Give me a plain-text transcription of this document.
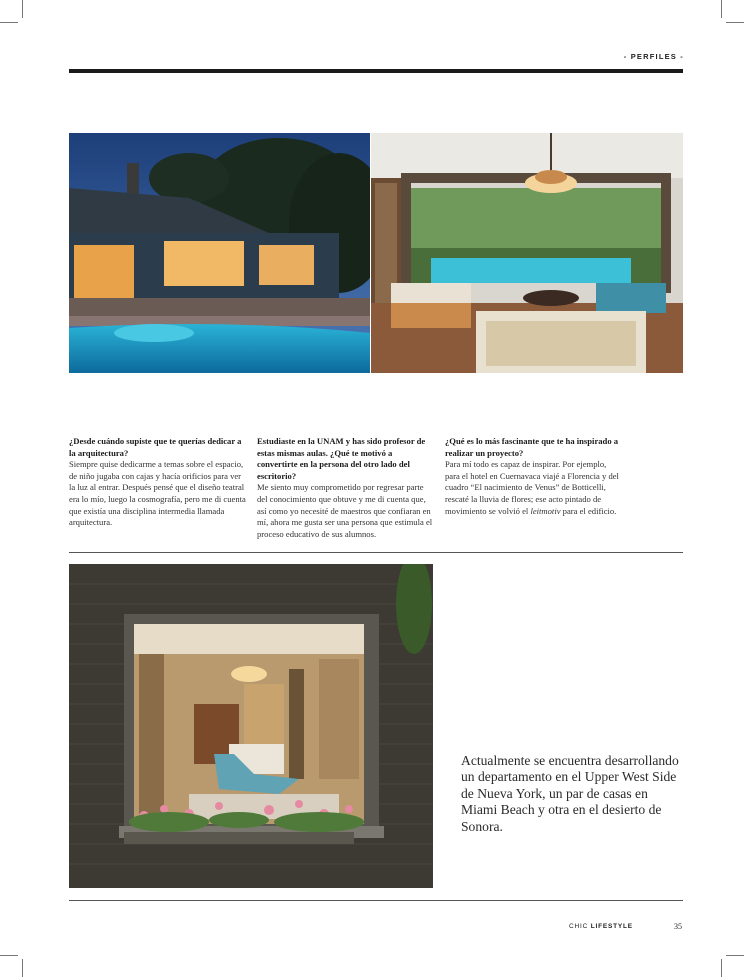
- PERFILES -
¿Desde cuándo supiste que te querías dedicar a la arquitectura?
Siempre quise dedicarme a temas sobre el espacio, de niño jugaba con cajas y hacía orificios para ver la luz al entrar. Después pensé que el diseño teatral era lo mío, luego la cosmografía, pero me di cuenta que existía una disciplina intermedia llamada arquitectura.
Estudiaste en la UNAM y has sido profesor de estas mismas aulas. ¿Qué te motivó a convertirte en la persona del otro lado del escritorio?
Me siento muy comprometido por regresar parte del conocimiento que obtuve y me di cuenta que, así como yo necesité de maestros que confiaran en mí, ahora me gusta ser una persona que estimula el proceso educativo de sus alumnos.
¿Qué es lo más fascinante que te ha inspirado a realizar un proyecto?
Para mí todo es capaz de inspirar. Por ejemplo, para el hotel en Cuernavaca viajé a Florencia y del cuadro “El nacimiento de Venus” de Botticelli, rescaté la lluvia de flores; ese acto pintado de movimiento se volvió el leitmotiv para el edificio.
Actualmente se encuentra desarrollando un departamento en el Upper West Side de Nueva York, un par de casas en Miami Beach y otra en el desierto de Sonora.
CHIC LIFESTYLE	35
